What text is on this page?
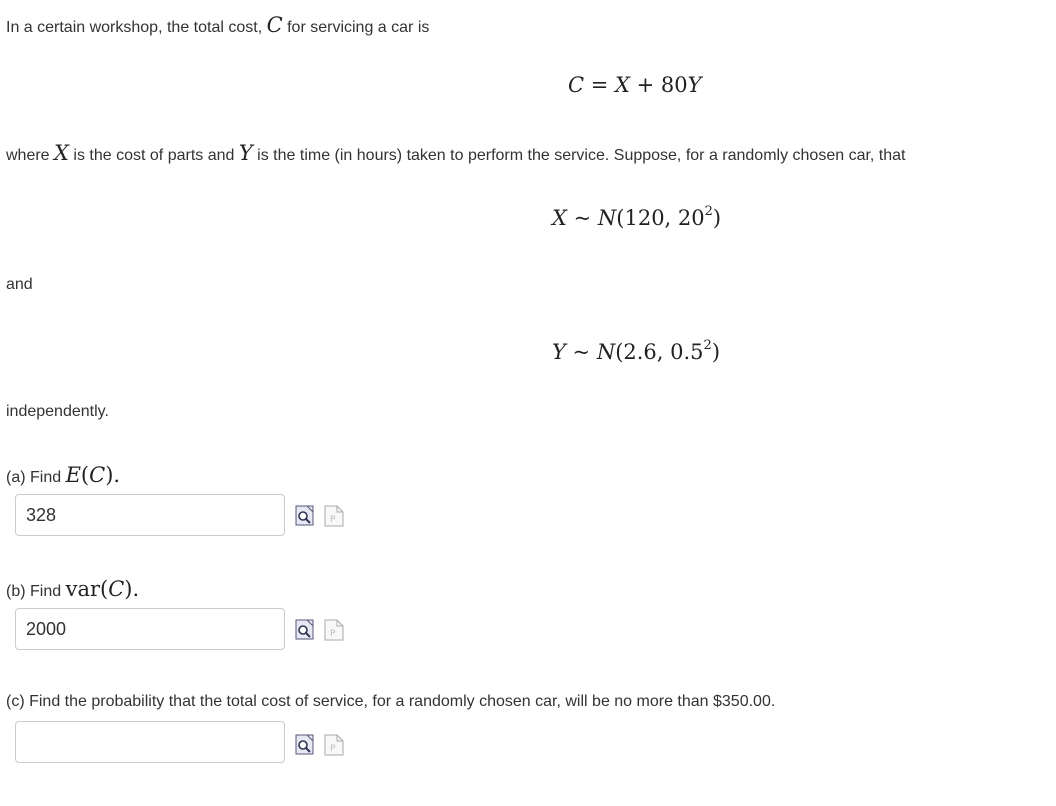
In a certain workshop, the total cost, C for servicing a car is
C = X + 80Y
where X is the cost of parts and Y is the time (in hours) taken to perform the service. Suppose, for a randomly chosen car, that
X ~ N(120, $20^2$)
and
Y ~ N(2.6, $0.5^2$)
independently.
(a) Find E(C).
328
P
(b) Find var(C).
2000
P
(c) Find the probability that the total cost of service, for a randomly chosen car, will be no more than $350.00.
P
